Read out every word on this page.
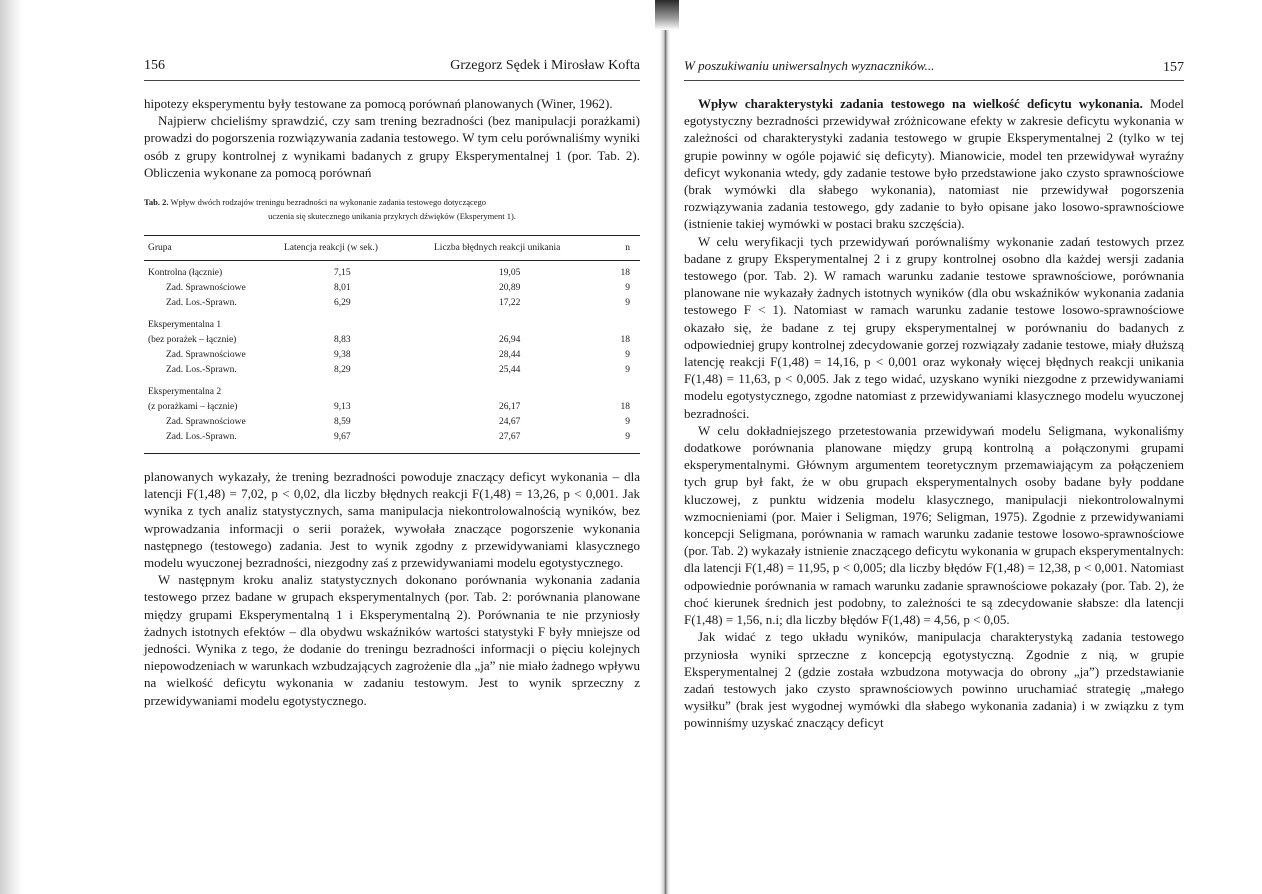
156	Grzegorz Sędek i Mirosław Kofta

hipotezy eksperymentu były testowane za pomocą porównań planowanych (Winer, 1962).

Najpierw chcieliśmy sprawdzić, czy sam trening bezradności (bez manipulacji porażkami) prowadzi do pogorszenia rozwiązywania zadania testowego. W tym celu porównaliśmy wyniki osób z grupy kontrolnej z wynikami badanych z grupy Eksperymentalnej 1 (por. Tab. 2). Obliczenia wykonane za pomocą porównań

Tab. 2. Wpływ dwóch rodzajów treningu bezradności na wykonanie zadania testowego dotyczącego
uczenia się skutecznego unikania przykrych dźwięków (Eksperyment 1).
Grupa	Latencja reakcji (w sek.)	Liczba błędnych reakcji unikania	n
Kontrolna (łącznie)	7,15	19,05	18
Zad. Sprawnościowe	8,01	20,89	9
Zad. Los.-Sprawn.	6,29	17,22	9
Eksperymentalna 1
(bez porażek – łącznie)	8,83	26,94	18
Zad. Sprawnościowe	9,38	28,44	9
Zad. Los.-Sprawn.	8,29	25,44	9
Eksperymentalna 2
(z porażkami – łącznie)	9,13	26,17	18
Zad. Sprawnościowe	8,59	24,67	9
Zad. Los.-Sprawn.	9,67	27,67	9

planowanych wykazały, że trening bezradności powoduje znaczący deficyt wykonania – dla latencji F(1,48) = 7,02, p < 0,02, dla liczby błędnych reakcji F(1,48) = 13,26, p < 0,001. Jak wynika z tych analiz statystycznych, sama manipulacja niekontrolowalnością wyników, bez wprowadzania informacji o serii porażek, wywołała znaczące pogorszenie wykonania następnego (testowego) zadania. Jest to wynik zgodny z przewidywaniami klasycznego modelu wyuczonej bezradności, niezgodny zaś z przewidywaniami modelu egotystycznego.

W następnym kroku analiz statystycznych dokonano porównania wykonania zadania testowego przez badane w grupach eksperymentalnych (por. Tab. 2: porównania planowane między grupami Eksperymentalną 1 i Eksperymentalną 2). Porównania te nie przyniosły żadnych istotnych efektów – dla obydwu wskaźników wartości statystyki F były mniejsze od jedności. Wynika z tego, że dodanie do treningu bezradności informacji o pięciu kolejnych niepowodzeniach w warunkach wzbudzających zagrożenie dla „ja” nie miało żadnego wpływu na wielkość deficytu wykonania w zadaniu testowym. Jest to wynik sprzeczny z przewidywaniami modelu egotystycznego.

W poszukiwaniu uniwersalnych wyznaczników...	157

Wpływ charakterystyki zadania testowego na wielkość deficytu wykonania. Model egotystyczny bezradności przewidywał zróżnicowane efekty w zakresie deficytu wykonania w zależności od charakterystyki zadania testowego w grupie Eksperymentalnej 2 (tylko w tej grupie powinny w ogóle pojawić się deficyty). Mianowicie, model ten przewidywał wyraźny deficyt wykonania wtedy, gdy zadanie testowe było przedstawione jako czysto sprawnościowe (brak wymówki dla słabego wykonania), natomiast nie przewidywał pogorszenia rozwiązywania zadania testowego, gdy zadanie to było opisane jako losowo-sprawnościowe (istnienie takiej wymówki w postaci braku szczęścia).

W celu weryfikacji tych przewidywań porównaliśmy wykonanie zadań testowych przez badane z grupy Eksperymentalnej 2 i z grupy kontrolnej osobno dla każdej wersji zadania testowego (por. Tab. 2). W ramach warunku zadanie testowe sprawnościowe, porównania planowane nie wykazały żadnych istotnych wyników (dla obu wskaźników wykonania zadania testowego F < 1). Natomiast w ramach warunku zadanie testowe losowo-sprawnościowe okazało się, że badane z tej grupy eksperymentalnej w porównaniu do badanych z odpowiedniej grupy kontrolnej zdecydowanie gorzej rozwiązały zadanie testowe, miały dłuższą latencję reakcji F(1,48) = 14,16, p < 0,001 oraz wykonały więcej błędnych reakcji unikania F(1,48) = 11,63, p < 0,005. Jak z tego widać, uzyskano wyniki niezgodne z przewidywaniami modelu egotystycznego, zgodne natomiast z przewidywaniami klasycznego modelu wyuczonej bezradności.

W celu dokładniejszego przetestowania przewidywań modelu Seligmana, wykonaliśmy dodatkowe porównania planowane między grupą kontrolną a połączonymi grupami eksperymentalnymi. Głównym argumentem teoretycznym przemawiającym za połączeniem tych grup był fakt, że w obu grupach eksperymentalnych osoby badane były poddane kluczowej, z punktu widzenia modelu klasycznego, manipulacji niekontrolowalnymi wzmocnieniami (por. Maier i Seligman, 1976; Seligman, 1975). Zgodnie z przewidywaniami koncepcji Seligmana, porównania w ramach warunku zadanie testowe losowo-sprawnościowe (por. Tab. 2) wykazały istnienie znaczącego deficytu wykonania w grupach eksperymentalnych: dla latencji F(1,48) = 11,95, p < 0,005; dla liczby błędów F(1,48) = 12,38, p < 0,001. Natomiast odpowiednie porównania w ramach warunku zadanie sprawnościowe pokazały (por. Tab. 2), że choć kierunek średnich jest podobny, to zależności te są zdecydowanie słabsze: dla latencji F(1,48) = 1,56, n.i; dla liczby błędów F(1,48) = 4,56, p < 0,05.

Jak widać z tego układu wyników, manipulacja charakterystyką zadania testowego przyniosła wyniki sprzeczne z koncepcją egotystyczną. Zgodnie z nią, w grupie Eksperymentalnej 2 (gdzie została wzbudzona motywacja do obrony „ja”) przedstawianie zadań testowych jako czysto sprawnościowych powinno uruchamiać strategię „małego wysiłku” (brak jest wygodnej wymówki dla słabego wykonania zadania) i w związku z tym powinniśmy uzyskać znaczący deficyt
